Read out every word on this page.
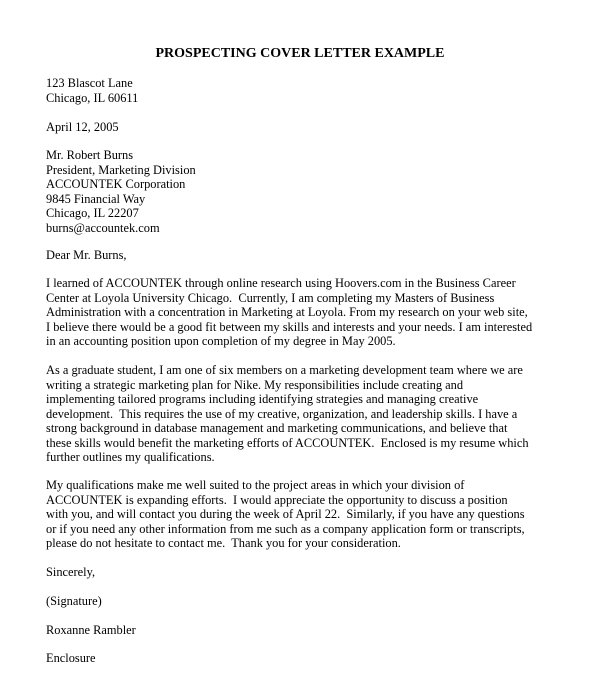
PROSPECTING COVER LETTER EXAMPLE
123 Blascot Lane
Chicago, IL 60611
April 12, 2005
Mr. Robert Burns
President, Marketing Division
ACCOUNTEK Corporation
9845 Financial Way
Chicago, IL 22207
burns@accountek.com
Dear Mr. Burns,
I learned of ACCOUNTEK through online research using Hoovers.com in the Business Career
Center at Loyola University Chicago.  Currently, I am completing my Masters of Business
Administration with a concentration in Marketing at Loyola. From my research on your web site,
I believe there would be a good fit between my skills and interests and your needs. I am interested
in an accounting position upon completion of my degree in May 2005.
As a graduate student, I am one of six members on a marketing development team where we are
writing a strategic marketing plan for Nike. My responsibilities include creating and
implementing tailored programs including identifying strategies and managing creative
development.  This requires the use of my creative, organization, and leadership skills. I have a
strong background in database management and marketing communications, and believe that
these skills would benefit the marketing efforts of ACCOUNTEK.  Enclosed is my resume which
further outlines my qualifications.
My qualifications make me well suited to the project areas in which your division of
ACCOUNTEK is expanding efforts.  I would appreciate the opportunity to discuss a position
with you, and will contact you during the week of April 22.  Similarly, if you have any questions
or if you need any other information from me such as a company application form or transcripts,
please do not hesitate to contact me.  Thank you for your consideration.
Sincerely,
(Signature)
Roxanne Rambler
Enclosure
